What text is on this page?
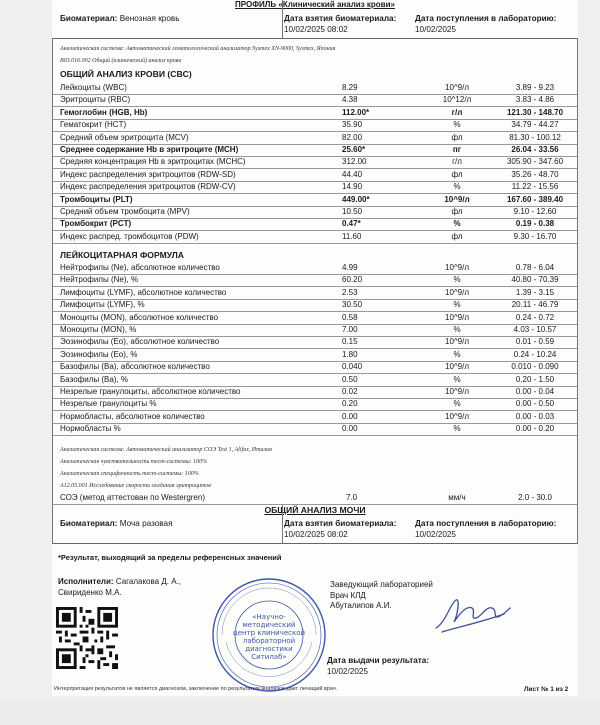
ПРОФИЛЬ «Клинический анализ крови»
Биоматериал: Венозная кровь	Дата взятия биоматериала:
10/02/2025 08:02
Дата поступления в лабораторию:
10/02/2025
Аналитическая система: Автоматический гематологический анализатор Sysmex XN-9000, Sysmex, Япония
B03.016.002 Общий (клинический) анализ крови
ОБЩИЙ АНАЛИЗ КРОВИ (CBC)
Лейкоциты (WBC)	8.29	10^9/л	3.89 - 9.23
Эритроциты (RBC)	4.38	10^12/л	3.83 - 4.86
Гемоглобин (HGB, Hb)	112.00*	г/л	121.30 - 148.70
Гематокрит (HCT)	35.90	%	34.79 - 44.27
Средний объем эритроцита (MCV)	82.00	фл	81.30 - 100.12
Среднее содержание Hb в эритроците (MCH)	25.60*	пг	26.04 - 33.56
Средняя концентрация Hb в эритроцитах (MCHC)	312.00	г/л	305.90 - 347.60
Индекс распределения эритроцитов (RDW-SD)	44.40	фл	35.26 - 48.70
Индекс распределения эритроцитов (RDW-CV)	14.90	%	11.22 - 15.56
Тромбоциты (PLT)	449.00*	10^9/л	167.60 - 389.40
Средний объем тромбоцита (MPV)	10.50	фл	9.10 - 12.60
Тромбокрит (PCT)	0.47*	%	0.19 - 0.38
Индекс распред. тромбоцитов (PDW)	11.60	фл	9.30 - 16.70
ЛЕЙКОЦИТАРНАЯ ФОРМУЛА
Нейтрофилы (Ne), абсолютное количество	4.99	10^9/л	0.78 - 6.04
Нейтрофилы (Ne), %	60.20	%	40.80 - 70.39
Лимфоциты (LYMF), абсолютное количество	2.53	10^9/л	1.39 - 3.15
Лимфоциты (LYMF), %	30.50	%	20.11 - 46.79
Моноциты (MON), абсолютное количество	0.58	10^9/л	0.24 - 0.72
Моноциты (MON), %	7.00	%	4.03 - 10.57
Эозинофилы (Eo), абсолютное количество	0.15	10^9/л	0.01 - 0.59
Эозинофилы (Eo), %	1.80	%	0.24 - 10.24
Базофилы (Ba), абсолютное количество	0.040	10^9/л	0.010 - 0.090
Базофилы (Ba), %	0.50	%	0.20 - 1.50
Незрелые гранулоциты, абсолютное количество	0.02	10^9/л	0.00 - 0.04
Незрелые гранулоциты %	0.20	%	0.00 - 0.50
Нормобласты, абсолютное количество	0.00	10^9/л	0.00 - 0.03
Нормобласты %	0.00	%	0.00 - 0.20
Аналитическая система: Автоматический анализатор СОЭ Test 1, Alifax, Италия
Аналитическая чувствительность тест-системы: 100%
Аналитическая специфичность тест-системы: 100%
A12.05.001 Исследование скорости оседания эритроцитов
СОЭ (метод аттестован по Westergren)	7.0	мм/ч	2.0 - 30.0
ОБЩИЙ АНАЛИЗ МОЧИ
Биоматериал: Моча разовая	Дата взятия биоматериала:
10/02/2025 08:02
Дата поступления в лабораторию:
10/02/2025
*Результат, выходящий за пределы референсных значений
Исполнители: Сагалакова Д. А.,
Свириденко М.А.
«Научно-
методический
центр клинической
лабораторной
диагностики
Ситилаб»
Заведующий лабораторией
Врач КЛД
Абуталипов А.И.
Дата выдачи результата:
10/02/2025
Интерпретация результатов не является диагнозом, заключение по результатам анализов дает лечащий врач.	Лист № 1 из 2
